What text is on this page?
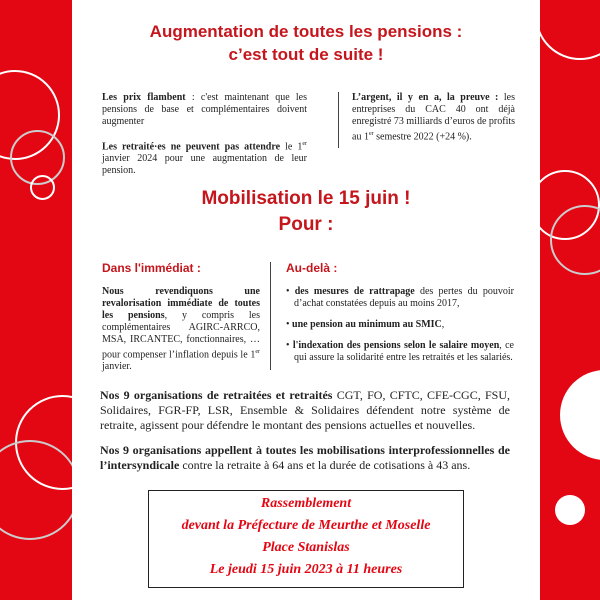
Augmentation de toutes les pensions :
c’est tout de suite !

Les prix flambent : c'est maintenant que les pensions de base et complémentaires doivent augmenter

Les retraité·es ne peuvent pas attendre le 1er janvier 2024 pour une augmentation de leur pension.

L’argent, il y en a, la preuve : les entreprises du CAC 40 ont déjà enregistré 73 milliards d’euros de profits au 1er semestre 2022 (+24 %).

Mobilisation le 15 juin !
Pour :
Dans l'immédiat :

Nous revendiquons une revalorisation immédiate de toutes les pensions, y compris les complémentaires AGIRC-ARRCO, MSA, IRCANTEC, fonctionnaires, … pour compenser l’inflation depuis le 1er janvier.

Au-delà :
• des mesures de rattrapage des pertes du pouvoir d’achat constatées depuis au moins 2017,
• une pension au minimum au SMIC,
• l'indexation des pensions selon le salaire moyen, ce qui assure la solidarité entre les retraités et les salariés.

Nos 9 organisations de retraitées et retraités CGT, FO, CFTC, CFE-CGC, FSU, Solidaires, FGR-FP, LSR, Ensemble & Solidaires défendent notre système de retraite, agissent pour défendre le montant des pensions actuelles et nouvelles.

Nos 9 organisations appellent à toutes les mobilisations interprofessionnelles de l’intersyndicale contre la retraite à 64 ans et la durée de cotisations à 43 ans.

Rassemblement
devant la Préfecture de Meurthe et Moselle
Place Stanislas
Le jeudi 15 juin 2023 à 11 heures
